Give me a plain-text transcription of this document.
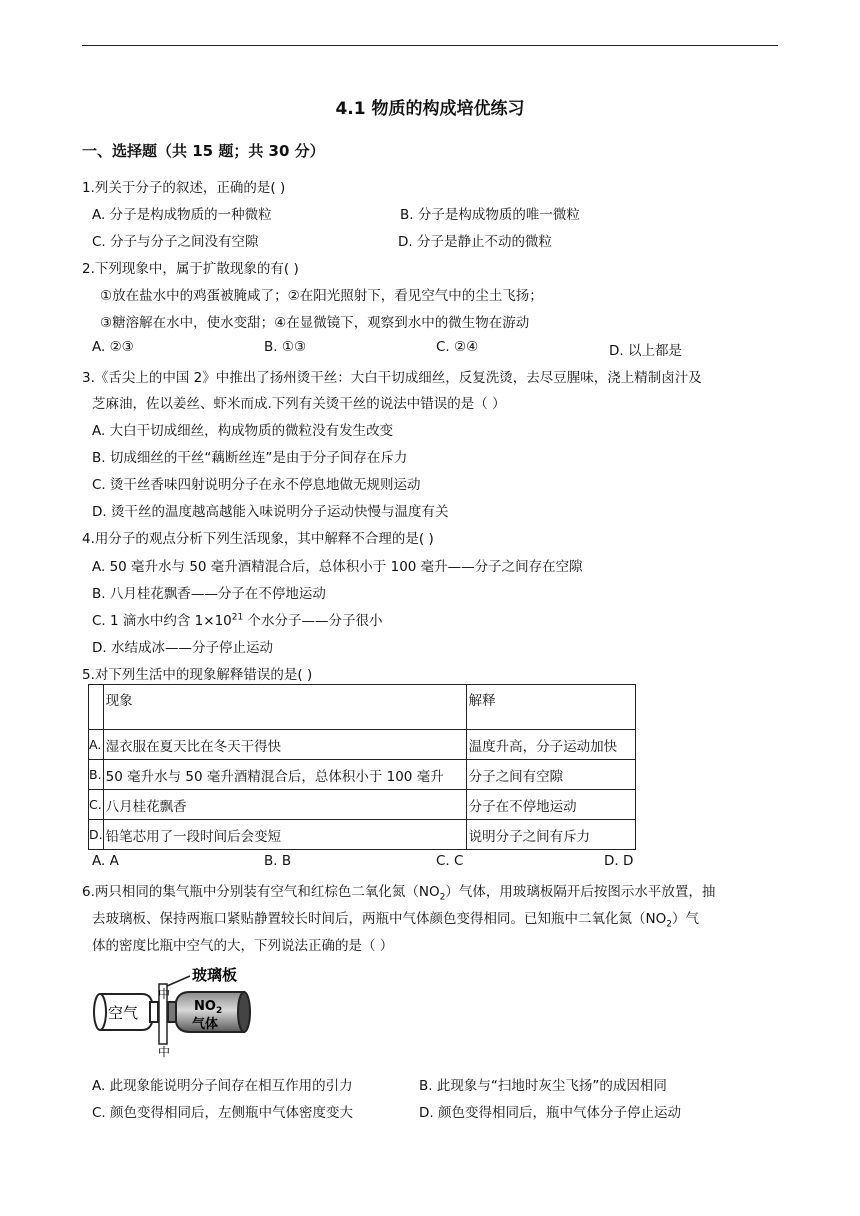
4.1 物质的构成培优练习
一、选择题（共 15 题；共 30 分）
1.列关于分子的叙述，正确的是( )
A. 分子是构成物质的一种微粒	B. 分子是构成物质的唯一微粒
C. 分子与分子之间没有空隙	D. 分子是静止不动的微粒
2.下列现象中，属于扩散现象的有( )
①放在盐水中的鸡蛋被腌咸了；②在阳光照射下，看见空气中的尘土飞扬；
③糖溶解在水中，使水变甜；④在显微镜下，观察到水中的微生物在游动
A. ②③	B. ①③	C. ②④	D. 以上都是
3.《舌尖上的中国 2》中推出了扬州烫干丝：大白干切成细丝，反复洗烫，去尽豆腥味，浇上精制卤汁及
芝麻油，佐以姜丝、虾米而成.下列有关烫干丝的说法中错误的是（ ）
A. 大白干切成细丝，构成物质的微粒没有发生改变
B. 切成细丝的干丝“藕断丝连”是由于分子间存在斥力
C. 烫干丝香味四射说明分子在永不停息地做无规则运动
D. 烫干丝的温度越高越能入味说明分子运动快慢与温度有关
4.用分子的观点分析下列生活现象，其中解释不合理的是( )
A. 50 毫升水与 50 毫升酒精混合后，总体积小于 100 毫升——分子之间存在空隙
B. 八月桂花飘香——分子在不停地运动
C. 1 滴水中约含 $1\times 10^{21}$ 个水分子——分子很小
D. 水结成冰——分子停止运动
5.对下列生活中的现象解释错误的是( )
	现象	解释
A.	湿衣服在夏天比在冬天干得快	温度升高，分子运动加快
B.	50 毫升水与 50 毫升酒精混合后，总体积小于 100 毫升	分子之间有空隙
C.	八月桂花飘香	分子在不停地运动
D.	铅笔芯用了一段时间后会变短	说明分子之间有斥力
A. A	B. B	C. C	D. D
6.两只相同的集气瓶中分别装有空气和红棕色二氧化氮$(NO_2)$气体，用玻璃板隔开后按图示水平放置，抽
去玻璃板、保持两瓶口紧贴静置较长时间后，两瓶中气体颜色变得相同。已知瓶中二氧化氮$(NO_2)$气
体的密度比瓶中空气的大，下列说法正确的是（ ）
空气
中
中
玻璃板
$NO_2$
气体
A. 此现象能说明分子间存在相互作用的引力	B. 此现象与“扫地时灰尘飞扬”的成因相同
C. 颜色变得相同后，左侧瓶中气体密度变大	D. 颜色变得相同后，瓶中气体分子停止运动
